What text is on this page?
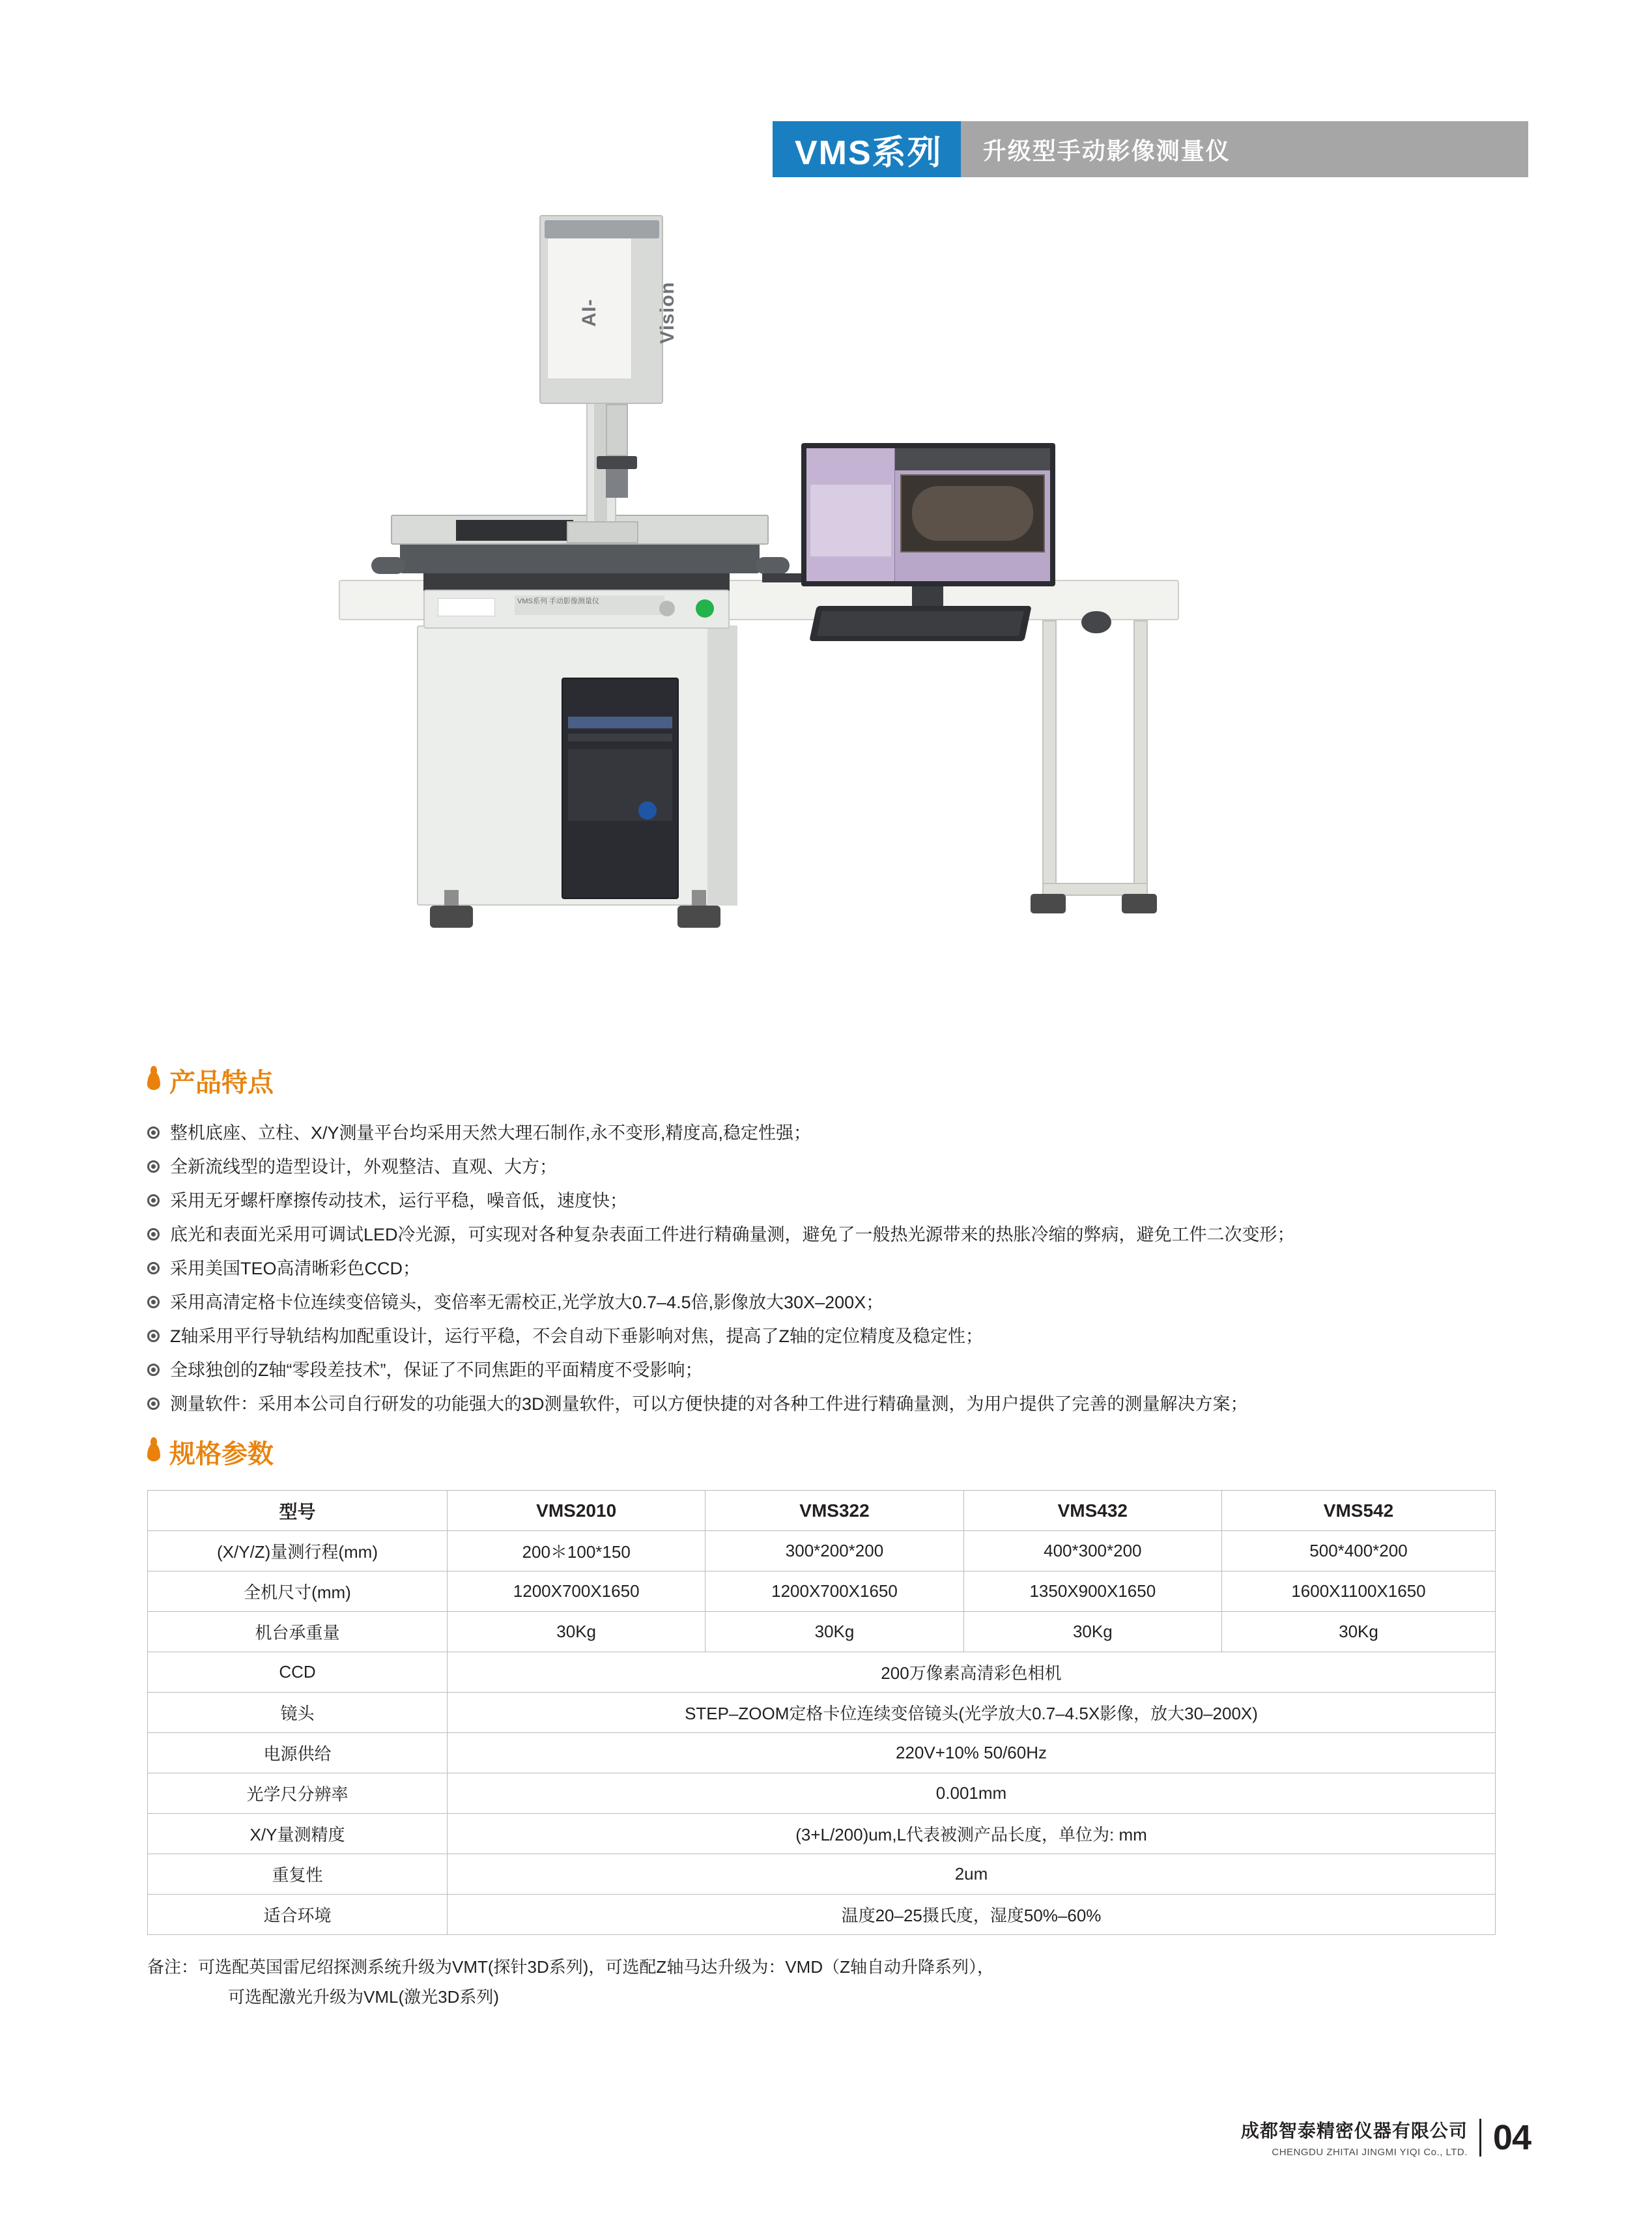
VMS系列	升级型手动影像测量仪
VMS系列 手动影像测量仪
AI-Vision
产品特点
整机底座、立柱、X/Y测量平台均采用天然大理石制作,永不变形,精度高,稳定性强；
全新流线型的造型设计，外观整洁、直观、大方；
采用无牙螺杆摩擦传动技术，运行平稳，噪音低，速度快；
底光和表面光采用可调试LED冷光源，可实现对各种复杂表面工件进行精确量测，避免了一般热光源带来的热胀冷缩的弊病，避免工件二次变形；
采用美国TEO高清晰彩色CCD；
采用高清定格卡位连续变倍镜头，变倍率无需校正,光学放大0.7–4.5倍,影像放大30X–200X；
Z轴采用平行导轨结构加配重设计，运行平稳，不会自动下垂影响对焦，提高了Z轴的定位精度及稳定性；
全球独创的Z轴“零段差技术”，保证了不同焦距的平面精度不受影响；
测量软件：采用本公司自行研发的功能强大的3D测量软件，可以方便快捷的对各种工件进行精确量测，为用户提供了完善的测量解决方案；
规格参数
型号	VMS2010	VMS322	VMS432	VMS542
(X/Y/Z)量测行程(mm)	200＊100*150	300*200*200	400*300*200	500*400*200
全机尺寸(mm)	1200X700X1650	1200X700X1650	1350X900X1650	1600X1100X1650
机台承重量	30Kg	30Kg	30Kg	30Kg
CCD	200万像素高清彩色相机			
镜头	STEP–ZOOM定格卡位连续变倍镜头(光学放大0.7–4.5X影像，放大30–200X)			
电源供给	220V+10% 50/60Hz			
光学尺分辨率	0.001mm			
X/Y量测精度	(3+L/200)um,L代表被测产品长度，单位为: mm			
重复性	2um			
适合环境	温度20–25摄氏度，湿度50%–60%			
备注：可选配英国雷尼绍探测系统升级为VMT(探针3D系列)，可选配Z轴马达升级为：VMD（Z轴自动升降系列），
可选配激光升级为VML(激光3D系列)
成都智泰精密仪器有限公司
CHENGDU ZHITAI JINGMI YIQI Co., LTD. 04
